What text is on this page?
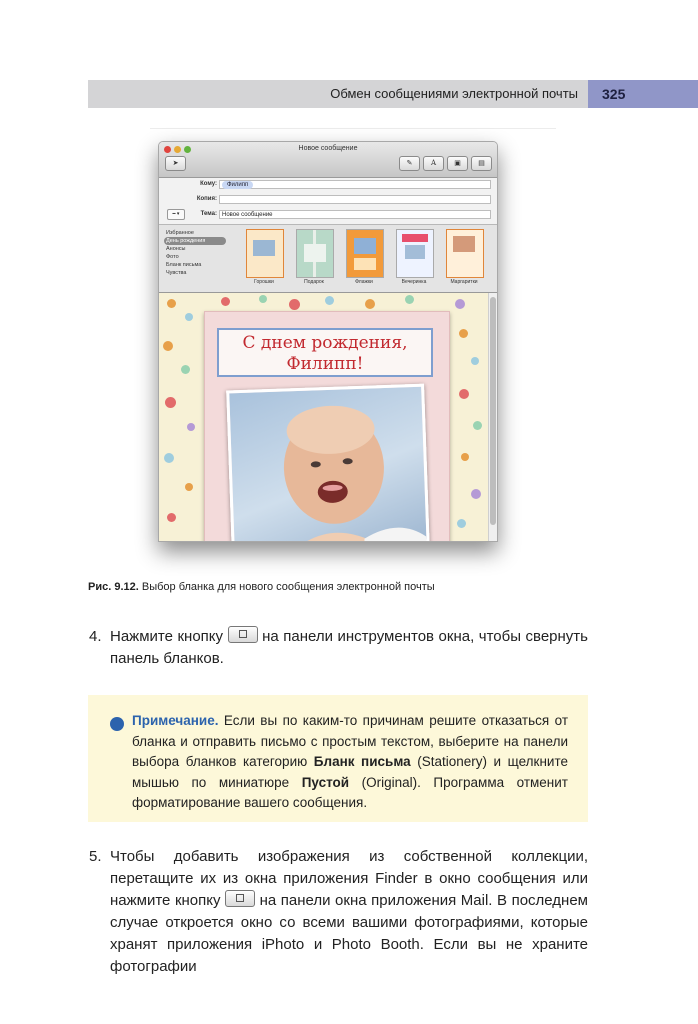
Обмен сообщениями электронной почты 325
Новое сообщение
➤	✎	A	▣	▤
Кому:	Филипп
Копия:
━ ▾	Тема: Новое сообщение
Избранное
День рождения
Анонсы
Фото
Бланк письма
Чувства
Горошки	Подарок	Флажки	Вечеринка	Маргаритки
С днем рождения,
Филипп!
Рис. 9.12. Выбор бланка для нового сообщения электронной почты
4. Нажмите кнопку
на панели инструментов окна, чтобы свернуть панель бланков.
Примечание. Если вы по каким-то причинам решите отказаться от бланка и отправить письмо с простым текстом, выберите на панели выбора бланков категорию Бланк письма (Stationery) и щелкните мышью по миниатюре Пустой (Original). Программа отменит форматирование вашего сообщения.
5. Чтобы добавить изображения из собственной коллекции, перетащите их из окна приложения Finder в окно сообщения или нажмите кнопку
на панели окна приложения Mail. В последнем случае откроется окно со всеми вашими фотографиями, которые хранят приложения iPhoto и Photo Booth. Если вы не храните фотографии
